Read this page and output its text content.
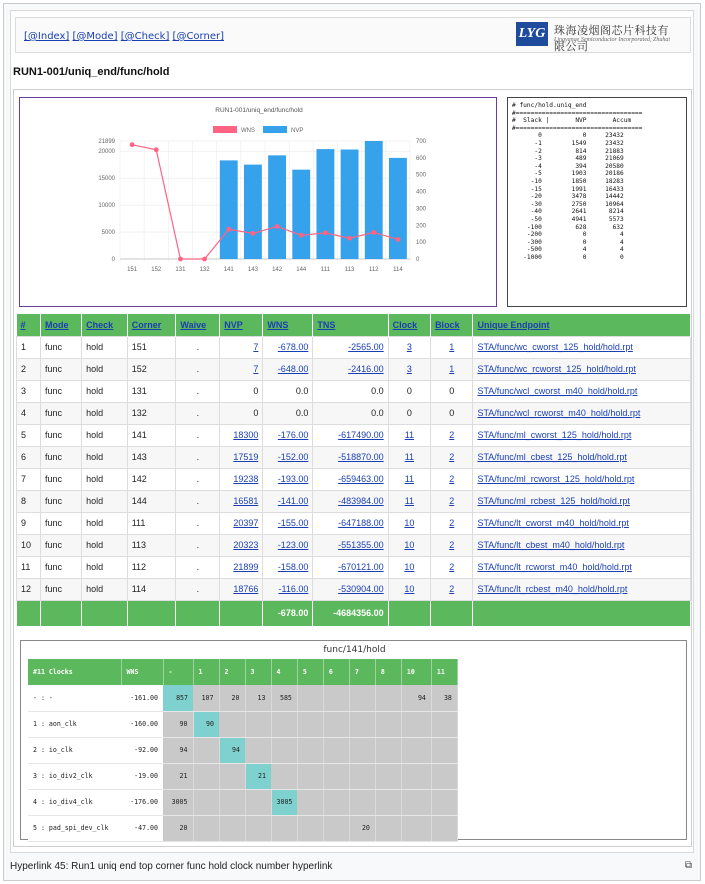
[@Index] [@Mode] [@Check] [@Corner]	LYG 珠海凌烟阁芯片科技有限公司
Lingyange Semiconductor Incorporated, Zhuhai
RUN1-001/uniq_end/func/hold
RUN1-001/uniq_end/func/hold
WNS	NVP
0
5000
10000
15000
20000
21899
0
100
200
300
400
500
600
700
151 152 131 132 141 143 142 144 111 113 112 114
# func/hold.uniq_end
#==================================
#  Slack |       NVP       Accum
#==================================
0           0     23432
-1        1549     23432
-2         814     21883
-3         489     21069
-4         394     20580
-5        1903     20186
-10        1850     18283
-15        1991     16433
-20        3478     14442
-30        2750     10964
-40        2641      8214
-50        4941      5573
-100         628       632
-200           0         4
-300           0         4
-500           4         4
-1000           0         0
#	Mode	Check	Corner	Waive	NVP	WNS	TNS	Clock	Block	Unique Endpoint
1	func	hold	151	.	7	-678.00	-2565.00	3	1	STA/func/wc_cworst_125_hold/hold.rpt
2	func	hold	152	.	7	-648.00	-2416.00	3	1	STA/func/wc_rcworst_125_hold/hold.rpt
3	func	hold	131	.	0	0.0	0.0	0	0	STA/func/wcl_cworst_m40_hold/hold.rpt
4	func	hold	132	.	0	0.0	0.0	0	0	STA/func/wcl_rcworst_m40_hold/hold.rpt
5	func	hold	141	.	18300	-176.00	-617490.00	11	2	STA/func/ml_cworst_125_hold/hold.rpt
6	func	hold	143	.	17519	-152.00	-518870.00	11	2	STA/func/ml_cbest_125_hold/hold.rpt
7	func	hold	142	.	19238	-193.00	-659463.00	11	2	STA/func/ml_rcworst_125_hold/hold.rpt
8	func	hold	144	.	16581	-141.00	-483984.00	11	2	STA/func/ml_rcbest_125_hold/hold.rpt
9	func	hold	111	.	20397	-155.00	-647188.00	10	2	STA/func/lt_cworst_m40_hold/hold.rpt
10	func	hold	113	.	20323	-123.00	-551355.00	10	2	STA/func/lt_cbest_m40_hold/hold.rpt
11	func	hold	112	.	21899	-158.00	-670121.00	10	2	STA/func/lt_rcworst_m40_hold/hold.rpt
12	func	hold	114	.	18766	-116.00	-530904.00	10	2	STA/func/lt_rcbest_m40_hold/hold.rpt
						-678.00	-4684356.00			
func/141/hold
#11 Clocks	WNS	-	1	2	3	4	5	6	7	8	10	11
- : -	-161.00	857	107	20	13	585					94	38
1 : aon_clk	-160.00	90	90									
2 : io_clk	-92.00	94		94								
3 : io_div2_clk	-19.00	21			21							
4 : io_div4_clk	-176.00	3005				3005						
5 : pad_spi_dev_clk	-47.00	20							20			
Hyperlink 45: Run1 uniq end top corner func hold clock number hyperlink	⧉
